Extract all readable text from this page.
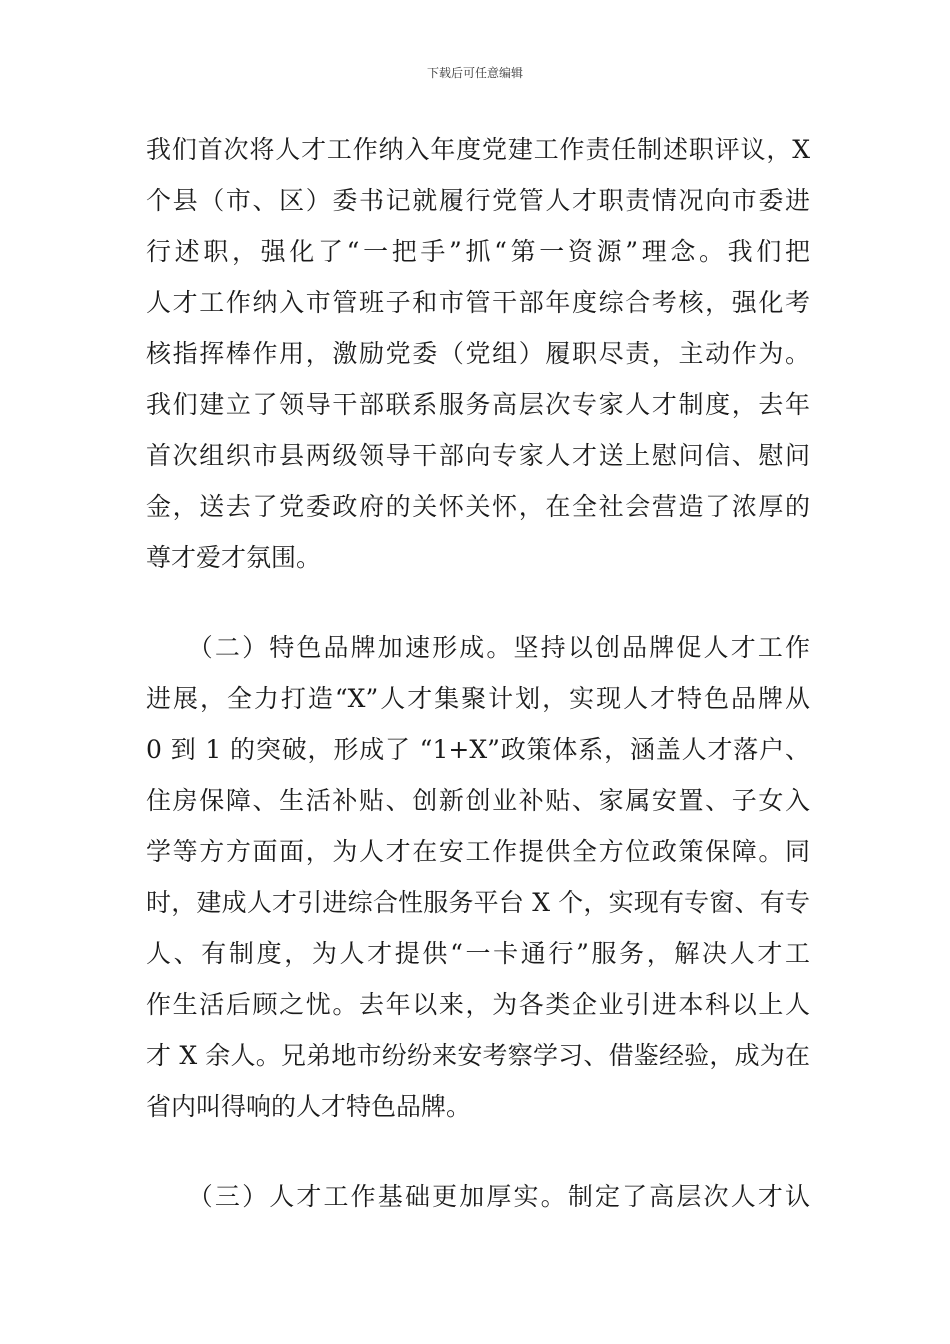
下载后可任意编辑

我们首次将人才工作纳入年度党建工作责任制述职评议，X
个县（市、区）委书记就履行党管人才职责情况向市委进
行述职，强化了“一把手”抓“第一资源”理念。我们把
人才工作纳入市管班子和市管干部年度综合考核，强化考
核指挥棒作用，激励党委（党组）履职尽责，主动作为。
我们建立了领导干部联系服务高层次专家人才制度，去年
首次组织市县两级领导干部向专家人才送上慰问信、慰问
金，送去了党委政府的关怀关怀，在全社会营造了浓厚的
尊才爱才氛围。

　　（二）特色品牌加速形成。坚持以创品牌促人才工作
进展，全力打造“X”人才集聚计划，实现人才特色品牌从
0 到 1 的突破，形成了 “1+X”政策体系，涵盖人才落户、
住房保障、生活补贴、创新创业补贴、家属安置、子女入
学等方方面面，为人才在安工作提供全方位政策保障。同
时，建成人才引进综合性服务平台 X 个，实现有专窗、有专
人、有制度，为人才提供“一卡通行”服务，解决人才工
作生活后顾之忧。去年以来，为各类企业引进本科以上人
才 X 余人。兄弟地市纷纷来安考察学习、借鉴经验，成为在
省内叫得响的人才特色品牌。

　　（三）人才工作基础更加厚实。制定了高层次人才认
